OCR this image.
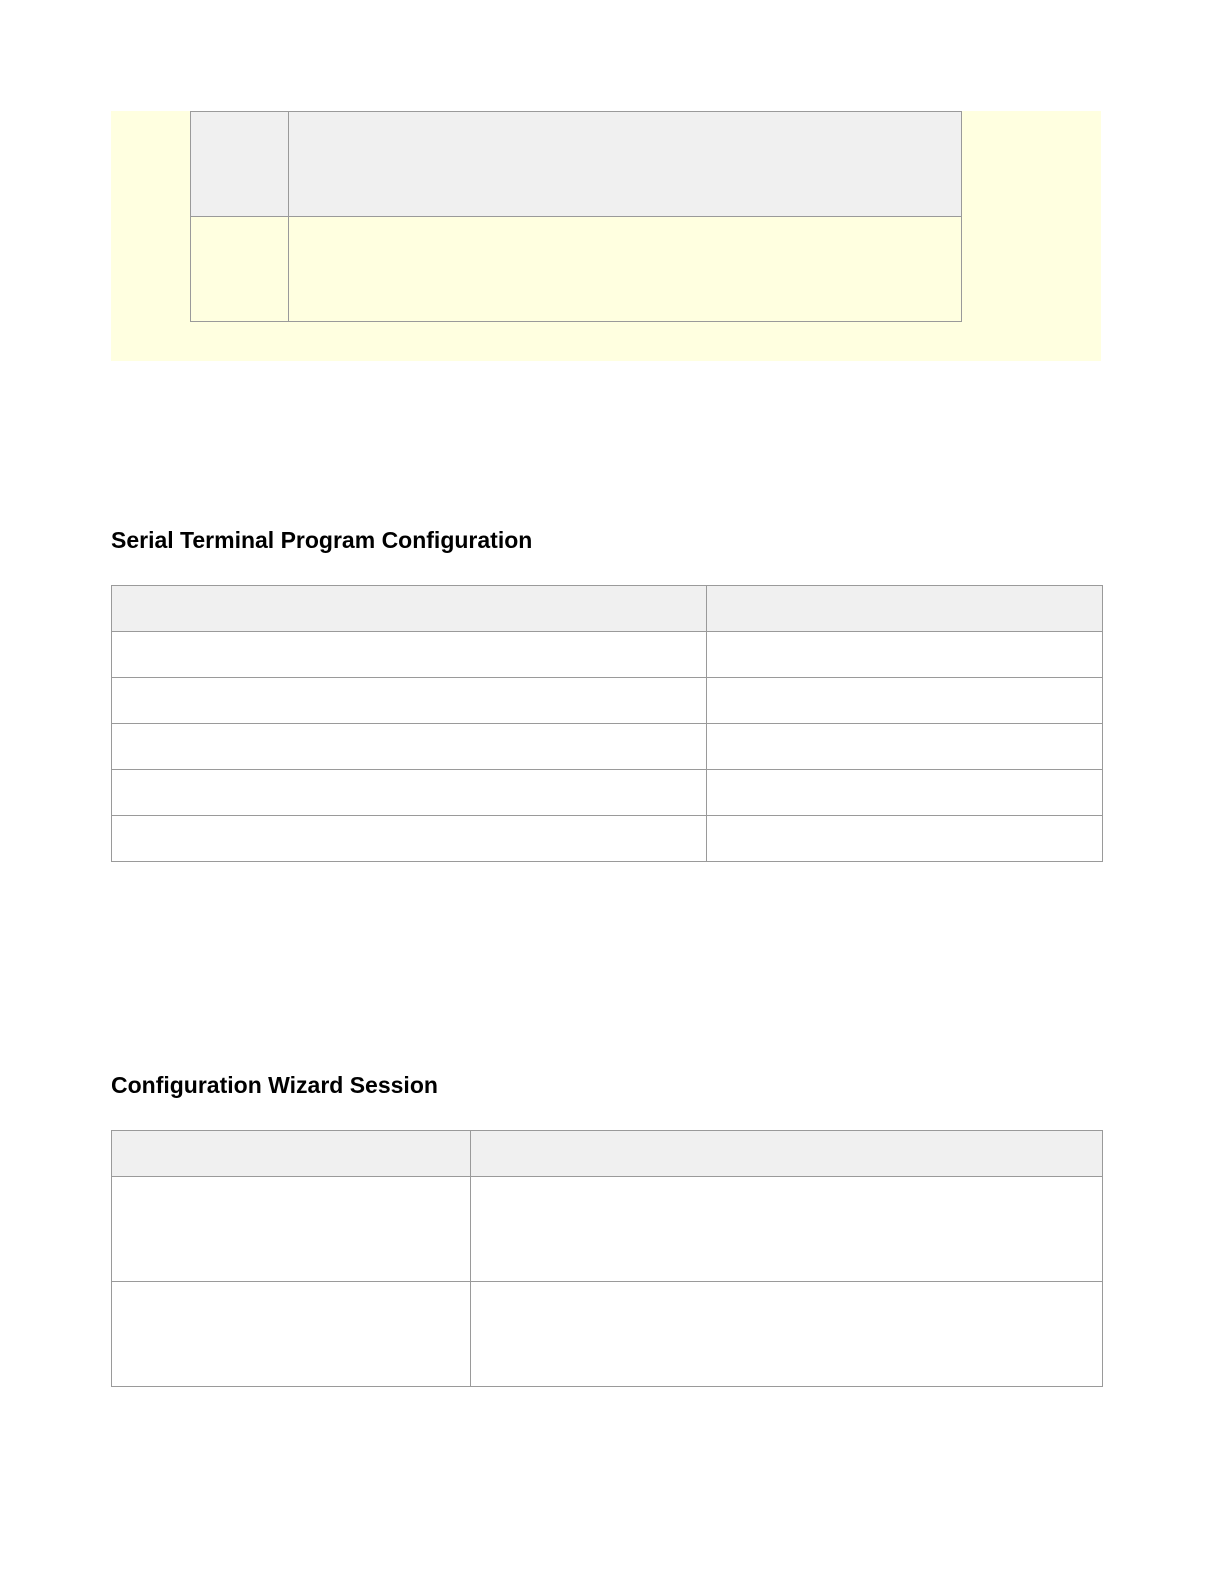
Serial Terminal Program Configuration

Configuration Wizard Session
